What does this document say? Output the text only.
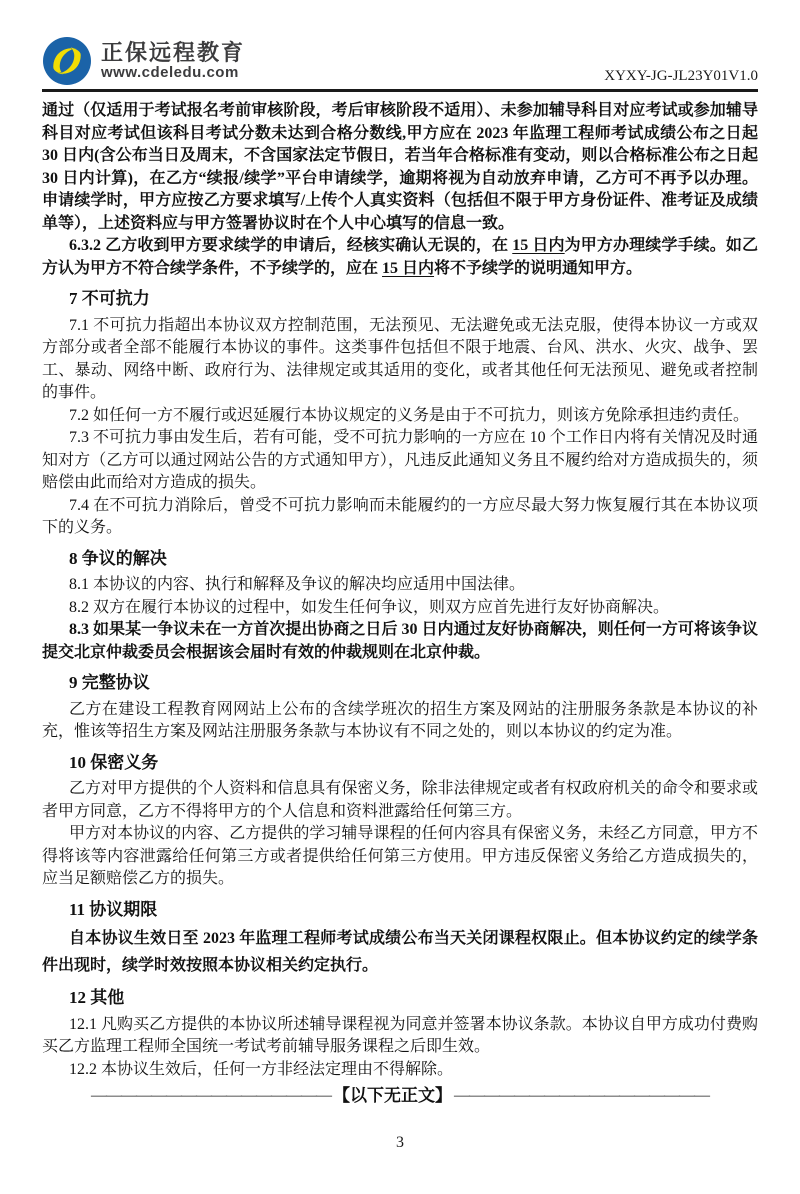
正保远程教育
www.cdeledu.com	XYXY-JG-JL23Y01V1.0

通过（仅适用于考试报名考前审核阶段，考后审核阶段不适用）、未参加辅导科目对应考试或参加辅导科目对应考试但该科目考试分数未达到合格分数线,甲方应在 2023 年监理工程师考试成绩公布之日起 30 日内(含公布当日及周末，不含国家法定节假日，若当年合格标准有变动，则以合格标准公布之日起 30 日内计算)，在乙方“续报/续学”平台申请续学，逾期将视为自动放弃申请，乙方可不再予以办理。申请续学时，甲方应按乙方要求填写/上传个人真实资料（包括但不限于甲方身份证件、准考证及成绩单等），上述资料应与甲方签署协议时在个人中心填写的信息一致。

6.3.2 乙方收到甲方要求续学的申请后，经核实确认无误的，在 15 日内为甲方办理续学手续。如乙方认为甲方不符合续学条件，不予续学的，应在 15 日内将不予续学的说明通知甲方。

7 不可抗力

7.1 不可抗力指超出本协议双方控制范围，无法预见、无法避免或无法克服，使得本协议一方或双方部分或者全部不能履行本协议的事件。这类事件包括但不限于地震、台风、洪水、火灾、战争、罢工、暴动、网络中断、政府行为、法律规定或其适用的变化，或者其他任何无法预见、避免或者控制的事件。

7.2 如任何一方不履行或迟延履行本协议规定的义务是由于不可抗力，则该方免除承担违约责任。

7.3 不可抗力事由发生后，若有可能，受不可抗力影响的一方应在 10 个工作日内将有关情况及时通知对方（乙方可以通过网站公告的方式通知甲方），凡违反此通知义务且不履约给对方造成损失的，须赔偿由此而给对方造成的损失。

7.4 在不可抗力消除后，曾受不可抗力影响而未能履约的一方应尽最大努力恢复履行其在本协议项下的义务。

8 争议的解决

8.1 本协议的内容、执行和解释及争议的解决均应适用中国法律。

8.2 双方在履行本协议的过程中，如发生任何争议，则双方应首先进行友好协商解决。

8.3 如果某一争议未在一方首次提出协商之日后 30 日内通过友好协商解决，则任何一方可将该争议提交北京仲裁委员会根据该会届时有效的仲裁规则在北京仲裁。

9 完整协议

乙方在建设工程教育网网站上公布的含续学班次的招生方案及网站的注册服务条款是本协议的补充，惟该等招生方案及网站注册服务条款与本协议有不同之处的，则以本协议的约定为准。

10 保密义务

乙方对甲方提供的个人资料和信息具有保密义务，除非法律规定或者有权政府机关的命令和要求或者甲方同意，乙方不得将甲方的个人信息和资料泄露给任何第三方。

甲方对本协议的内容、乙方提供的学习辅导课程的任何内容具有保密义务，未经乙方同意，甲方不得将该等内容泄露给任何第三方或者提供给任何第三方使用。甲方违反保密义务给乙方造成损失的，应当足额赔偿乙方的损失。

11 协议期限

自本协议生效日至 2023 年监理工程师考试成绩公布当天关闭课程权限止。但本协议约定的续学条件出现时，续学时效按照本协议相关约定执行。

12 其他

12.1 凡购买乙方提供的本协议所述辅导课程视为同意并签署本协议条款。本协议自甲方成功付费购买乙方监理工程师全国统一考试考前辅导服务课程之后即生效。

12.2 本协议生效后，任何一方非经法定理由不得解除。

———————————————— 【以下无正文】 —————————————————
3
